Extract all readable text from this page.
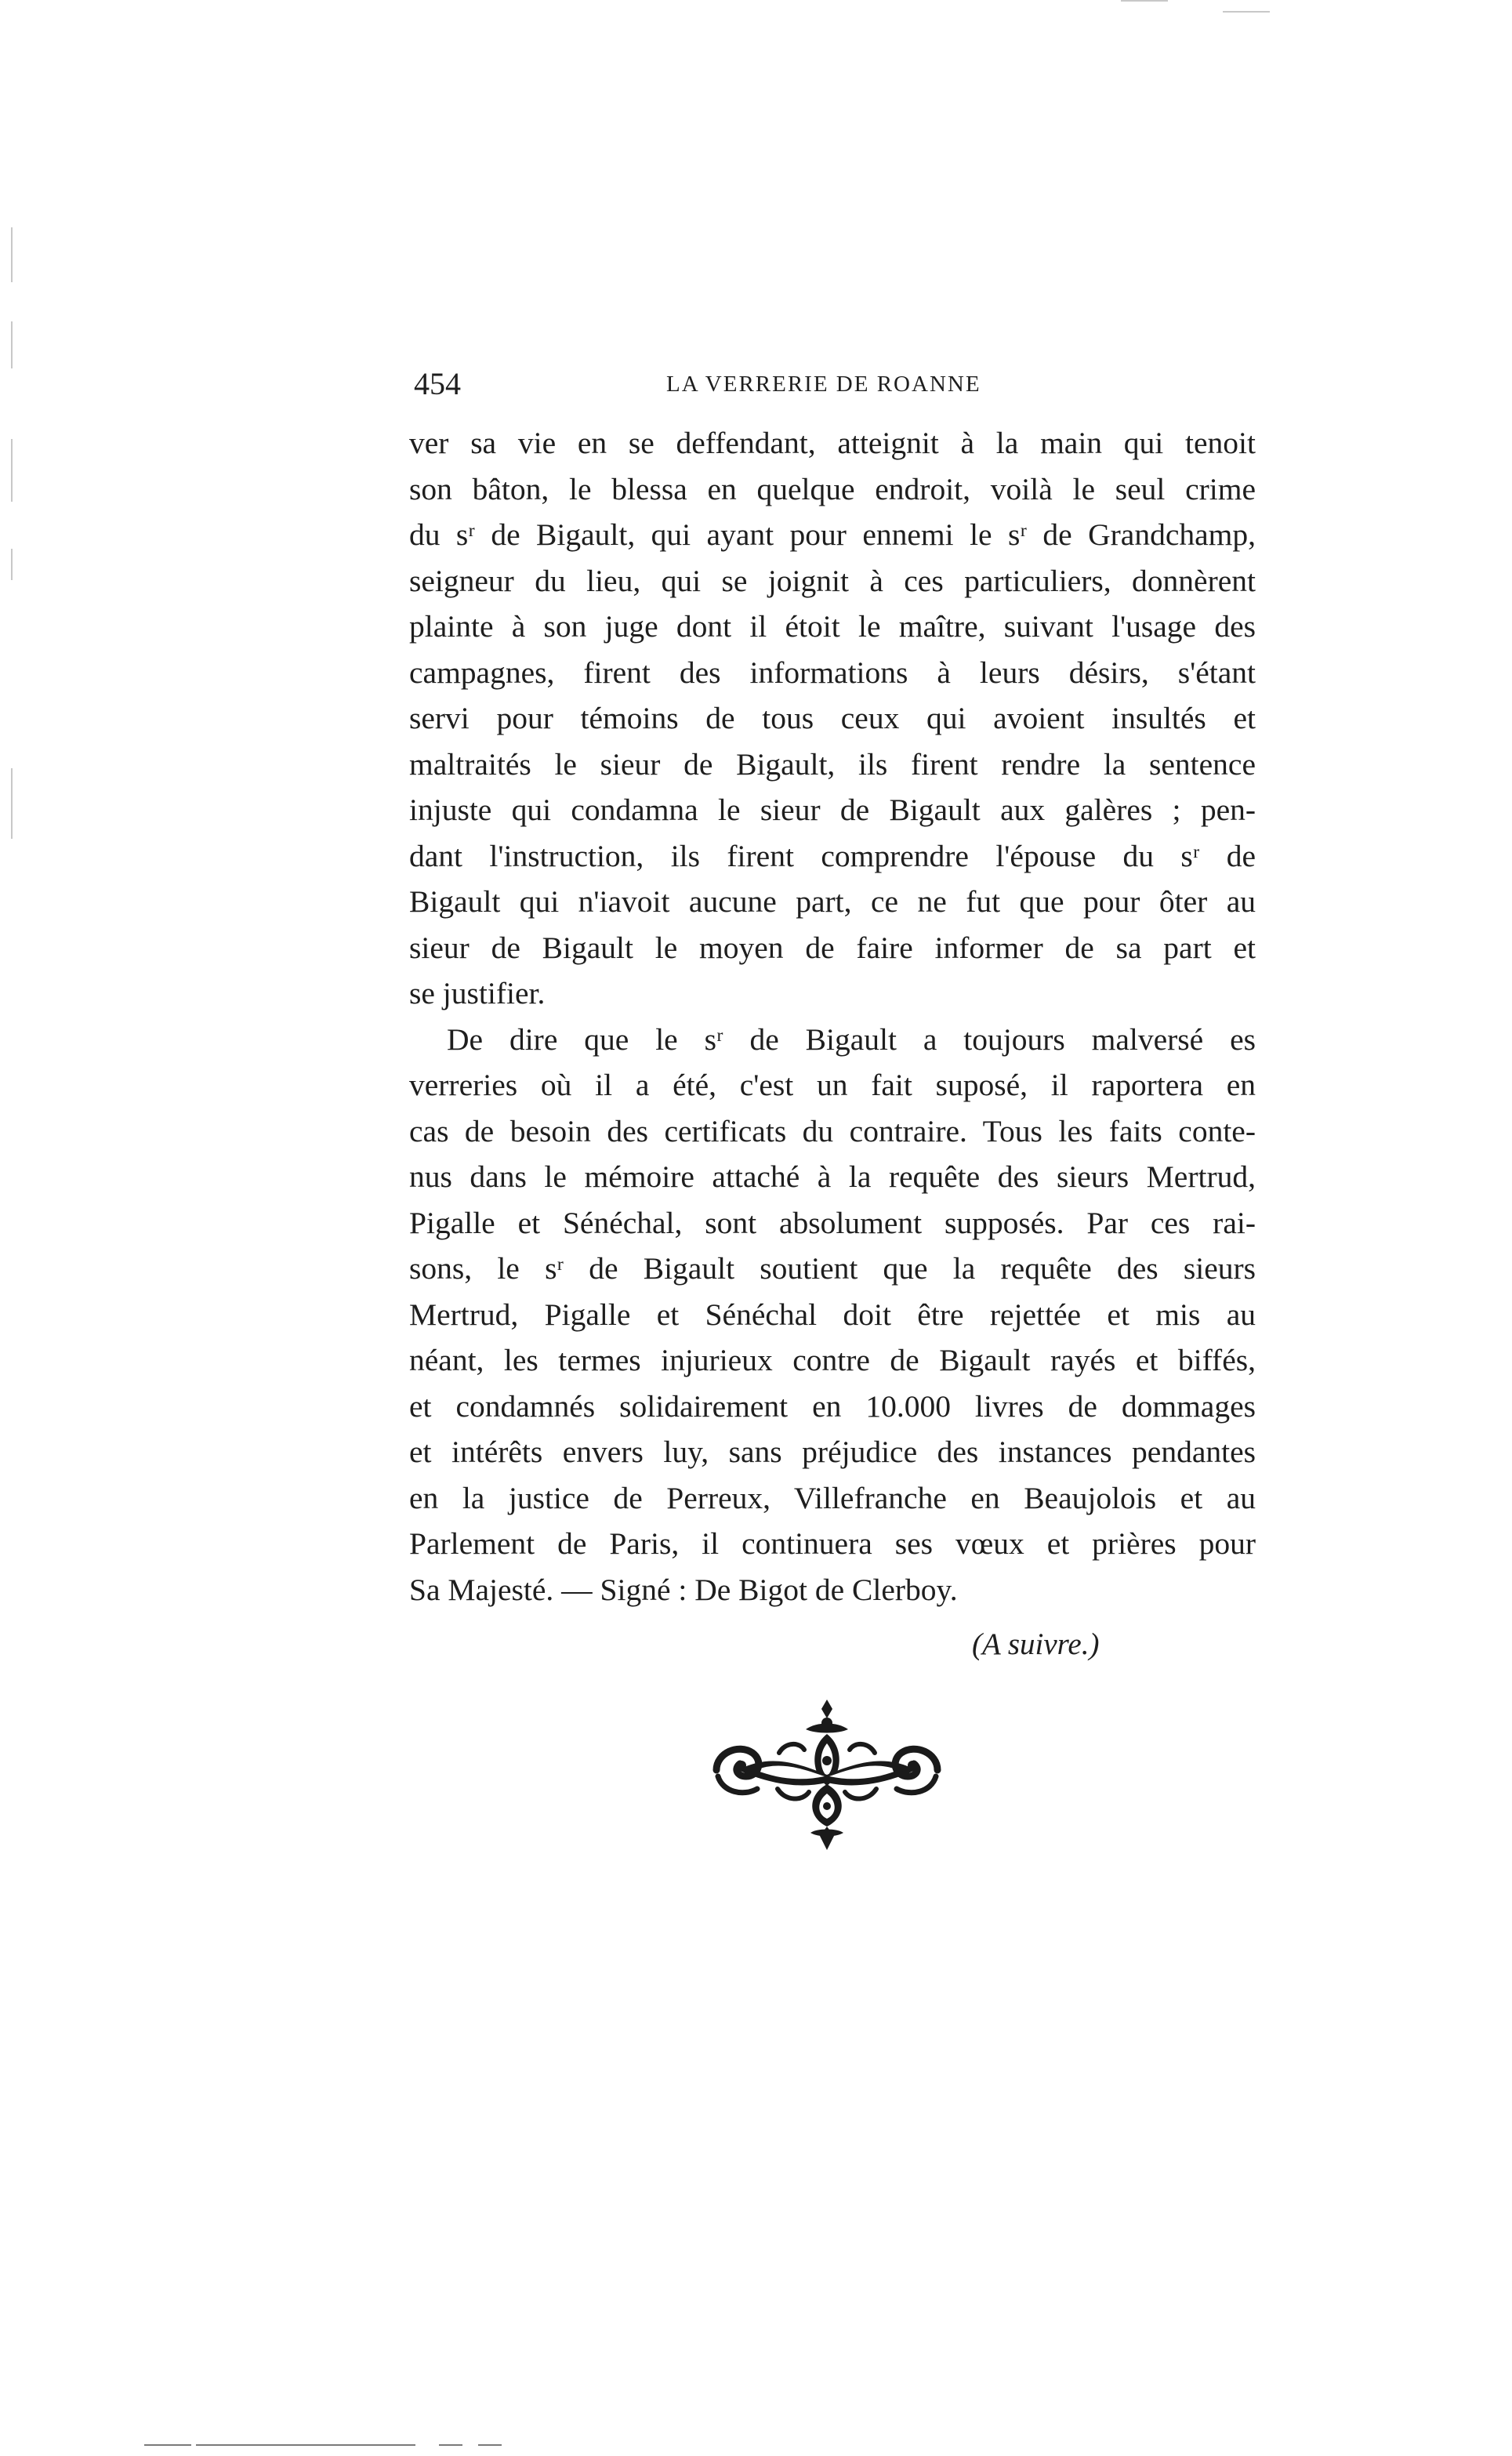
454	LA VERRERIE DE ROANNE
ver sa vie en se deffendant, atteignit à la main qui tenoit
son bâton, le blessa en quelque endroit, voilà le seul crime
du sʳ de Bigault, qui ayant pour ennemi le sʳ de Grandchamp,
seigneur du lieu, qui se joignit à ces particuliers, donnèrent
plainte à son juge dont il étoit le maître, suivant l'usage des
campagnes, firent des informations à leurs désirs, s'étant
servi pour témoins de tous ceux qui avoient insultés et
maltraités le sieur de Bigault, ils firent rendre la sentence
injuste qui condamna le sieur de Bigault aux galères ; pen-
dant l'instruction, ils firent comprendre l'épouse du sʳ de
Bigault qui n'iavoit aucune part, ce ne fut que pour ôter au
sieur de Bigault le moyen de faire informer de sa part et
se justifier.
De dire que le sʳ de Bigault a toujours malversé es
verreries où il a été, c'est un fait suposé, il raportera en
cas de besoin des certificats du contraire. Tous les faits conte-
nus dans le mémoire attaché à la requête des sieurs Mertrud,
Pigalle et Sénéchal, sont absolument supposés. Par ces rai-
sons, le sʳ de Bigault soutient que la requête des sieurs
Mertrud, Pigalle et Sénéchal doit être rejettée et mis au
néant, les termes injurieux contre de Bigault rayés et biffés,
et condamnés solidairement en 10.000 livres de dommages
et intérêts envers luy, sans préjudice des instances pendantes
en la justice de Perreux, Villefranche en Beaujolois et au
Parlement de Paris, il continuera ses vœux et prières pour
Sa Majesté. — Signé : De Bigot de Clerboy.
(A suivre.)
